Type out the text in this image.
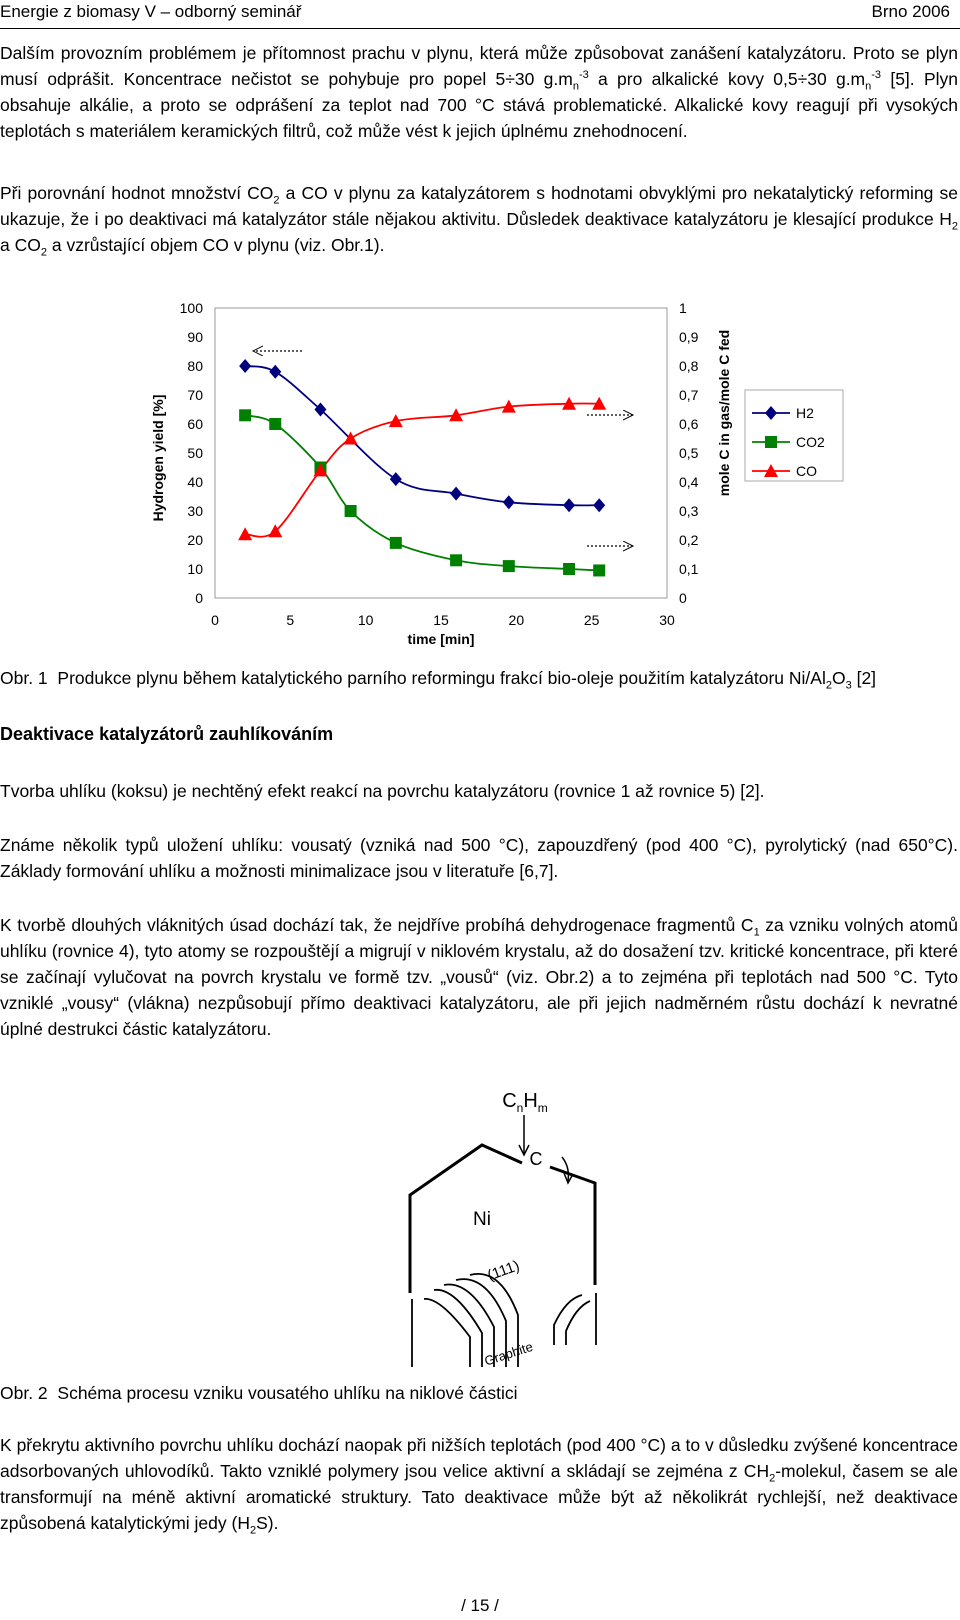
Energie z biomasy V – odborný seminář	Brno 2006

Dalším provozním problémem je přítomnost prachu v plynu, která může způsobovat zanášení katalyzátoru. Proto se plyn musí odprášit. Koncentrace nečistot se pohybuje pro popel 5÷30 $g.m_n^{-3}$ a pro alkalické kovy 0,5÷30 $g.m_n^{-3}$ [5]. Plyn obsahuje alkálie, a proto se odprášení za teplot nad 700 °C stává problematické. Alkalické kovy reagují při vysokých teplotách s materiálem keramických filtrů, což může vést k jejich úplnému znehodnocení.

Při porovnání hodnot množství $CO_2$ a CO v plynu za katalyzátorem s hodnotami obvyklými pro nekatalytický reforming se ukazuje, že i po deaktivaci má katalyzátor stále nějakou aktivitu. Důsledek deaktivace katalyzátoru je klesající produkce $H_2$ a $CO_2$ a vzrůstající objem CO v plynu (viz. Obr.1).

0
10
20
30
40
50
60
70
80
90
100
0
0,1
0,2
0,3
0,4
0,5
0,6
0,7
0,8
0,9
1
0	5	10	15	20	25	30
time [min]
Hydrogen yield [%]	mole C in gas/mole C fed	H2
CO2
CO

Obr. 1 Produkce plynu během katalytického parního reformingu frakcí bio-oleje použitím katalyzátoru $Ni/Al_2O_3$ [2]

Deaktivace katalyzátorů zauhlíkováním

Tvorba uhlíku (koksu) je nechtěný efekt reakcí na povrchu katalyzátoru (rovnice 1 až rovnice 5) [2].

Známe několik typů uložení uhlíku: vousatý (vzniká nad 500 °C), zapouzdřený (pod 400 °C), pyrolytický (nad 650°C). Základy formování uhlíku a možnosti minimalizace jsou v literatuře [6,7].

K tvorbě dlouhých vláknitých úsad dochází tak, že nejdříve probíhá dehydrogenace fragmentů $C_1$ za vzniku volných atomů uhlíku (rovnice 4), tyto atomy se rozpouštějí a migrují v niklovém krystalu, až do dosažení tzv. kritické koncentrace, při které se začínají vylučovat na povrch krystalu ve formě tzv. „vousů“ (viz. Obr.2) a to zejména při teplotách nad 500 °C. Tyto vzniklé „vousy“ (vlákna) nezpůsobují přímo deaktivaci katalyzátoru, ale při jejich nadměrném růstu dochází k nevratné úplné destrukci částic katalyzátoru.

$C_nH_m$
C
Ni
(111)
Graphite

Obr. 2 Schéma procesu vzniku vousatého uhlíku na niklové částici

K překrytu aktivního povrchu uhlíku dochází naopak při nižších teplotách (pod 400 °C) a to v důsledku zvýšené koncentrace adsorbovaných uhlovodíků. Takto vzniklé polymery jsou velice aktivní a skládají se zejména z $CH_2$-molekul, časem se ale transformují na méně aktivní aromatické struktury. Tato deaktivace může být až několikrát rychlejší, než deaktivace způsobená katalytickými jedy $(H_2S)$.

/ 15 /
